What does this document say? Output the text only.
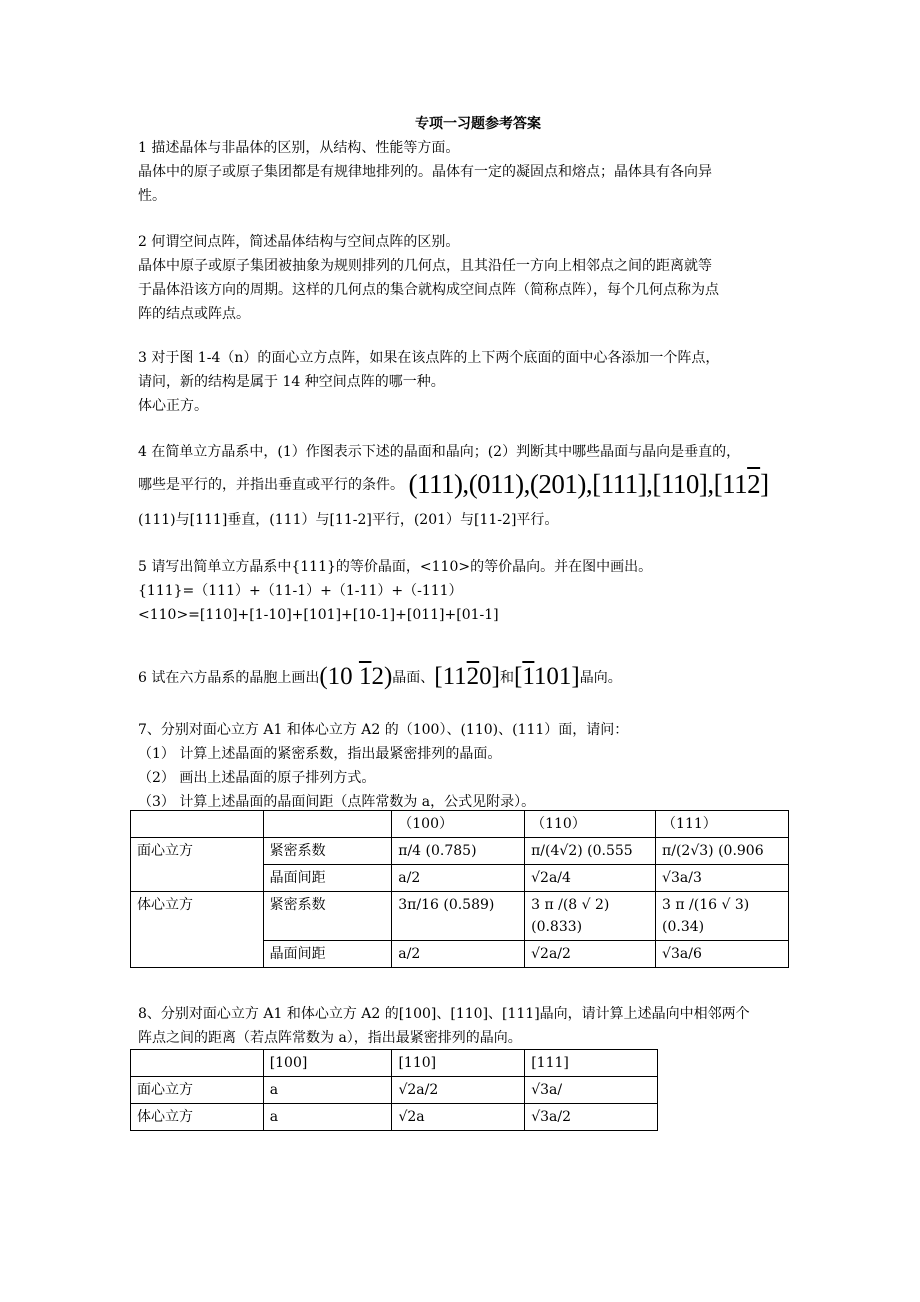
专项一习题参考答案
1 描述晶体与非晶体的区别，从结构、性能等方面。
晶体中的原子或原子集团都是有规律地排列的。晶体有一定的凝固点和熔点；晶体具有各向异
性。
2 何谓空间点阵，简述晶体结构与空间点阵的区别。
晶体中原子或原子集团被抽象为规则排列的几何点，且其沿任一方向上相邻点之间的距离就等
于晶体沿该方向的周期。这样的几何点的集合就构成空间点阵（简称点阵），每个几何点称为点
阵的结点或阵点。
3 对于图 1-4（n）的面心立方点阵，如果在该点阵的上下两个底面的面中心各添加一个阵点，
请问，新的结构是属于 14 种空间点阵的哪一种。
体心正方。
4 在简单立方晶系中，(1）作图表示下述的晶面和晶向；(2）判断其中哪些晶面与晶向是垂直的，
哪些是平行的，并指出垂直或平行的条件。 (111),(011),(201),[111],[110],[112]
(111)与[111]垂直，(111）与[11-2]平行，(201）与[11-2]平行。
5 请写出简单立方晶系中{111}的等价晶面，<110>的等价晶向。并在图中画出。
{111}=（111）+（11-1）+（1-11）+（-111）
<110>=[110]+[1-10]+[101]+[10-1]+[011]+[01-1]
6 试在六方晶系的晶胞上画出(10 12)晶面、[1120]和[1101]晶向。
7、分别对面心立方 A1 和体心立方 A2 的（100）、(110)、(111）面，请问：
（1） 计算上述晶面的紧密系数，指出最紧密排列的晶面。
（2） 画出上述晶面的原子排列方式。
（3） 计算上述晶面的晶面间距（点阵常数为 a，公式见附录）。
		（100）	（110）	（111）
面心立方	紧密系数	π/4 (0.785)	π/(4√2) (0.555	π/(2√3) (0.906
	晶面间距	a/2	√2a/4	√3a/3
体心立方	紧密系数	3π/16 (0.589)	3 π /(8 √ 2) (0.833)	3 π /(16 √ 3) (0.34)
	晶面间距	a/2	√2a/2	√3a/6
8、分别对面心立方 A1 和体心立方 A2 的[100]、[110]、[111]晶向，请计算上述晶向中相邻两个
阵点之间的距离（若点阵常数为 a），指出最紧密排列的晶向。
	[100]	[110]	[111]
面心立方	a	√2a/2	√3a/
体心立方	a	√2a	√3a/2
